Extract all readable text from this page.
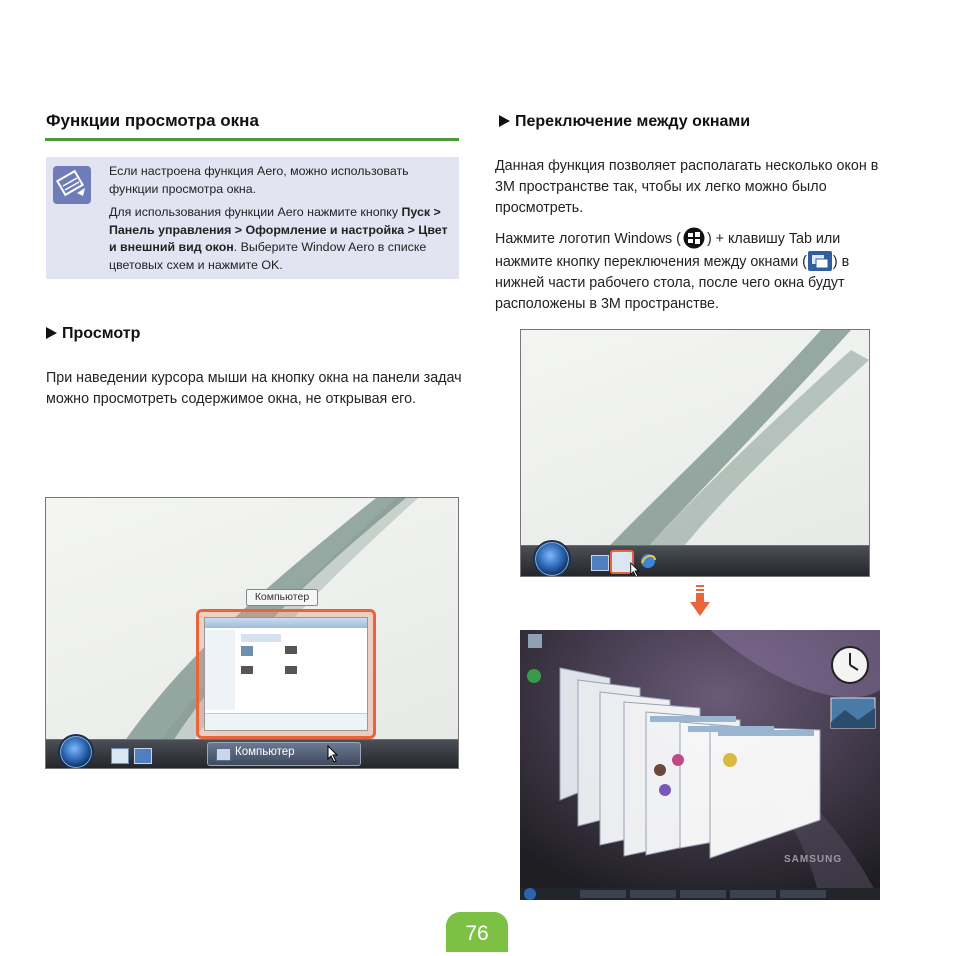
Функции просмотра окна

Если настроена функция Aero, можно использовать функции просмотра окна.

Для использования функции Aero нажмите кнопку Пуск > Панель управления > Оформление и настройка > Цвет и внешний вид окон. Выберите Window Aero в списке цветовых схем и нажмите OK.

Просмотр
При наведении курсора мыши на кнопку окна на панели задач можно просмотреть содержимое окна, не открывая его.
Компьютер
Компьютер
Переключение между окнами
Данная функция позволяет располагать несколько окон в 3M пространстве так, чтобы их легко можно было просмотреть.
Нажмите логотип Windows ( ) + клавишу Tab или нажмите кнопку переключения между окнами ( ) в нижней части рабочего стола, после чего окна будут расположены в 3M пространстве.
SAMSUNG
76
